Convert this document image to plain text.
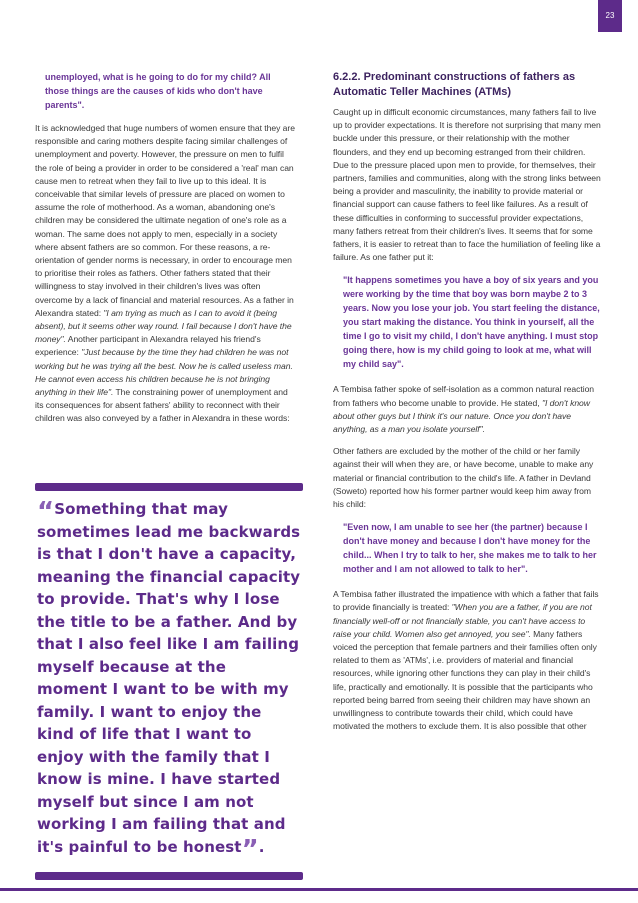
23

unemployed, what is he going to do for my child? All those things are the causes of kids who don't have parents".

It is acknowledged that huge numbers of women ensure that they are responsible and caring mothers despite facing similar challenges of unemployment and poverty. However, the pressure on men to fulfil the role of being a provider in order to be considered a 'real' man can cause men to retreat when they fail to live up to this ideal. It is conceivable that similar levels of pressure are placed on women to assume the role of motherhood. As a woman, abandoning one's children may be considered the ultimate negation of one's role as a woman. The same does not apply to men, especially in a society where absent fathers are so common. For these reasons, a re-orientation of gender norms is necessary, in order to encourage men to prioritise their roles as fathers. Other fathers stated that their willingness to stay involved in their children's lives was often overcome by a lack of financial and material resources. As a father in Alexandra stated: "I am trying as much as I can to avoid it (being absent), but it seems other way round. I fail because I don't have the money". Another participant in Alexandra relayed his friend's experience: "Just because by the time they had children he was not working but he was trying all the best. Now he is called useless man. He cannot even access his children because he is not bringing anything in their life". The constraining power of unemployment and its consequences for absent fathers' ability to reconnect with their children was also conveyed by a father in Alexandra in these words:

“Something that may sometimes lead me backwards is that I don't have a capacity, meaning the financial capacity to provide. That's why I lose the title to be a father. And by that I also feel like I am failing myself because at the moment I want to be with my family. I want to enjoy the kind of life that I want to enjoy with the family that I know is mine. I have started myself but since I am not working I am failing that and it's painful to be honest”.

6.2.2. Predominant constructions of fathers as Automatic Teller Machines (ATMs)

Caught up in difficult economic circumstances, many fathers fail to live up to provider expectations. It is therefore not surprising that many men buckle under this pressure, or their relationship with the mother flounders, and they end up becoming estranged from their children. Due to the pressure placed upon men to provide, for themselves, their partners, families and communities, along with the strong links between being a provider and masculinity, the inability to provide material or financial support can cause fathers to feel like failures. As a result of these difficulties in conforming to successful provider expectations, many fathers retreat from their children's lives. It seems that for some fathers, it is easier to retreat than to face the humiliation of feeling like a failure. As one father put it:

"It happens sometimes you have a boy of six years and you were working by the time that boy was born maybe 2 to 3 years. Now you lose your job. You start feeling the distance, you start making the distance. You think in yourself, all the time I go to visit my child, I don't have anything. I must stop going there, how is my child going to look at me, what will my child say".

A Tembisa father spoke of self-isolation as a common natural reaction from fathers who become unable to provide. He stated, "I don't know about other guys but I think it's our nature. Once you don't have anything, as a man you isolate yourself".

Other fathers are excluded by the mother of the child or her family against their will when they are, or have become, unable to make any material or financial contribution to the child's life. A father in Devland (Soweto) reported how his former partner would keep him away from his child:

"Even now, I am unable to see her (the partner) because I don't have money and because I don't have money for the child... When I try to talk to her, she makes me to talk to her mother and I am not allowed to talk to her".

A Tembisa father illustrated the impatience with which a father that fails to provide financially is treated: "When you are a father, if you are not financially well-off or not financially stable, you can't have access to raise your child. Women also get annoyed, you see". Many fathers voiced the perception that female partners and their families often only related to them as 'ATMs', i.e. providers of material and financial resources, while ignoring other functions they can play in their child's life, practically and emotionally. It is possible that the participants who reported being barred from seeing their children may have shown an unwillingness to contribute towards their child, which could have motivated the mothers to exclude them. It is also possible that other
